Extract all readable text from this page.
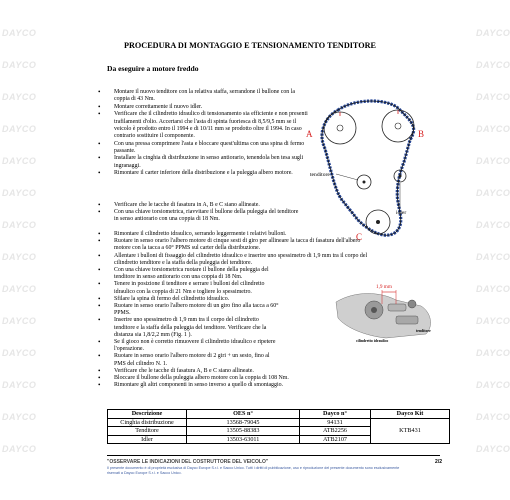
DAYCO
DAYCO
DAYCO
DAYCO
DAYCO
DAYCO
DAYCO
DAYCO
DAYCO
DAYCO
DAYCO
DAYCO
DAYCO
DAYCO
DAYCO
DAYCO
DAYCO
DAYCO
DAYCO
DAYCO
DAYCO
DAYCO
DAYCO
DAYCO
DAYCO
DAYCO
DAYCO
DAYCO
PROCEDURA DI MONTAGGIO E TENSIONAMENTO TENDITORE
Da eseguire a motore freddo
• Montare il nuovo tenditore con la relativa staffa, serrandone il bullone con la coppia di 43 Nm.
• Montare correttamente il nuovo idler.
• Verificare che il cilindretto idraulico di tensionamento sia efficiente e non presenti trafilamenti d'olio. Accertarsi che l'asta di spinta fuoriesca di 8,5/9,5 mm se il veicolo è prodotto entro il 1994 e di 10/11 mm se prodotto oltre il 1994. In caso contrario sostituire il componente.
• Con una pressa comprimere l'asta e bloccare quest'ultima con una spina di fermo passante.
• Installare la cinghia di distribuzione in senso antiorario, tenendola ben tesa sugli ingranaggi.
• Rimontare il carter inferiore della distribuzione e la puleggia albero motore.
• Verificare che le tacche di fasatura in A, B e C siano allineate.
• Con una chiave torsiometrica, riavvitare il bullone della puleggia del tenditore in senso antiorario con una coppia di 18 Nm.
• Rimontare il cilindretto idraulico, serrando leggermente i relativi bulloni.
• Ruotare in senso orario l'albero motore di cinque sesti di giro per allineare la tacca di fasatura dell'albero motore con la tacca a 60° PPMS sul carter della distribuzione.
• Allentare i bulloni di fissaggio del cilindretto idraulico e inserire uno spessimetro di 1,9 mm tra il corpo del cilindretto tenditore e la staffa della puleggia del tenditore.
• Con una chiave torsiometrica ruotare il bullone della puleggia del tenditore in senso antiorario con una coppia di 18 Nm.
• Tenere in posizione il tenditore e serrare i bulloni del cilindretto idraulico con la coppia di 21 Nm e togliere lo spessimetro.
• Sfilare la spina di fermo del cilindretto idraulico.
• Ruotare in senso orario l'albero motore di un giro fino alla tacca a 60° PPMS.
• Inserire uno spessimetro di 1,9 mm tra il corpo del cilindretto tenditore e la staffa della puleggia del tenditore. Verificare che la distanza sia 1,8/2,2 mm (Fig. 1 ).
• Se il gioco non è corretto rimuovere il cilindretto idraulico e ripetere l'operazione.
• Ruotare in senso orario l'albero motore di 2 giri + un sesto, fino al PMS del cilindro N. 1.
• Verificare che le tacche di fasatura A, B e C siano allineate.
• Bloccare il bullone della puleggia albero motore con la coppia di 108 Nm.
• Rimontare gli altri componenti in senso inverso a quello di smontaggio.
A	B
C
tenditore
idler
1,9 mm
tenditore
cilindretto idraulico
Descrizione	OES n°	Dayco n°	Dayco Kit
Cinghia distribuzione	13568-79045	94131	KTB431
Tenditore	13505-88383	ATB2256	
Idler	13503-63011	ATB2107	
"OSSERVARE LE INDICAZIONI DEL COSTRUTTORE DEL VEICOLO"
Il presente documento è di proprietà esclusiva di Dayco Europe S.r.l. e Sacco Unico. Tutti i diritti di pubblicazione, uso e riproduzione del presente documento sono esclusivamente riservati a Dayco Europe S.r.l. e Sacco Unico.
2/2
